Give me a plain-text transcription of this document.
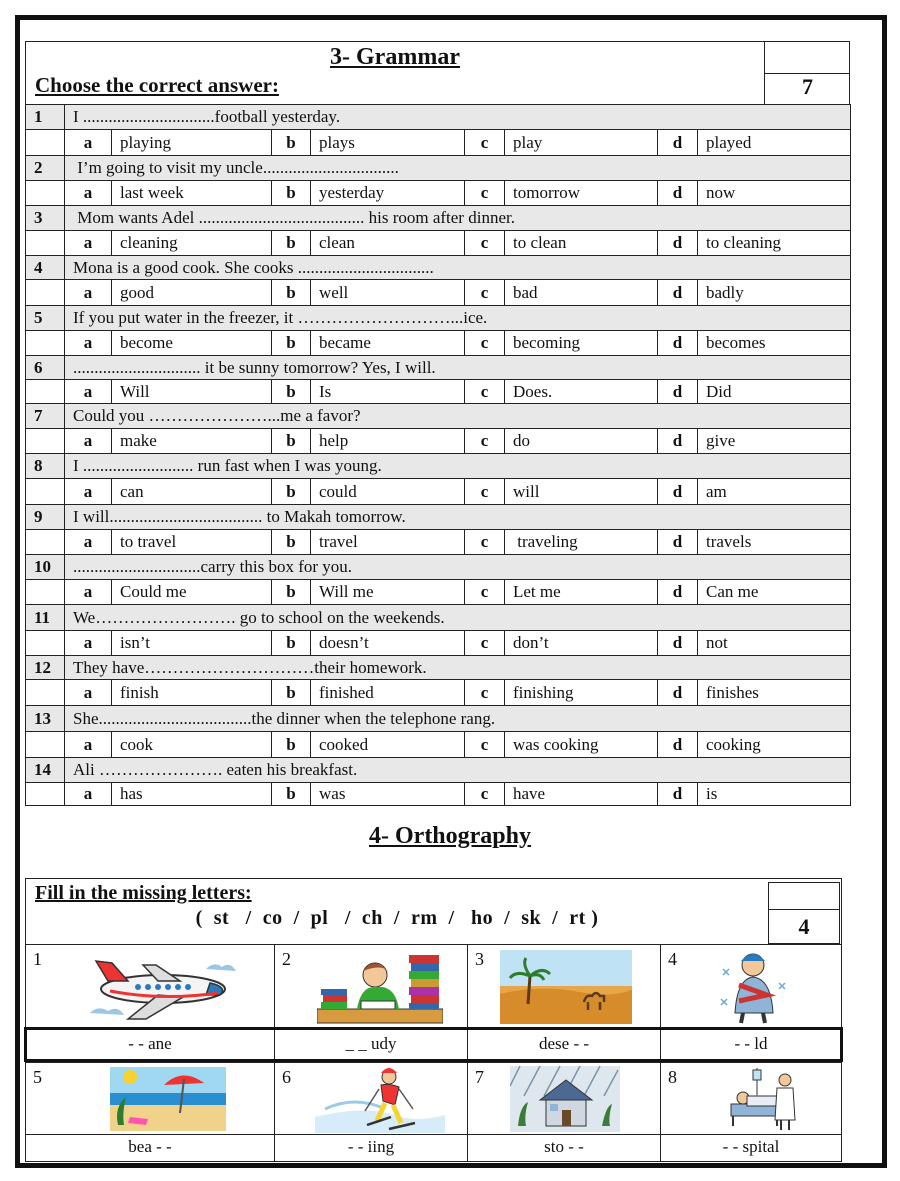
3- Grammar
Choose the correct answer:	7
1	I ...............................football yesterday.							
	a	playing	b	plays	c	play	d	played
2	I’m going to visit my uncle................................							
	a	last week	b	yesterday	c	tomorrow	d	now
3	Mom wants Adel ....................................... his room after dinner.							
	a	cleaning	b	clean	c	to clean	d	to cleaning
4	Mona is a good cook. She cooks ................................							
	a	good	b	well	c	bad	d	badly
5	If you put water in the freezer, it ………………………...ice.							
	a	become	b	became	c	becoming	d	becomes
6	.............................. it be sunny tomorrow? Yes, I will.							
	a	Will	b	Is	c	Does.	d	Did
7	Could you …………………...me a favor?							
	a	make	b	help	c	do	d	give
8	I .......................... run fast when I was young.							
	a	can	b	could	c	will	d	am
9	I will.................................... to Makah tomorrow.							
	a	to travel	b	travel	c	traveling	d	travels
10	..............................carry this box for you.							
	a	Could me	b	Will me	c	Let me	d	Can me
11	We……………………. go to school on the weekends.							
	a	isn’t	b	doesn’t	c	don’t	d	not
12	They have…………………………their homework.							
	a	finish	b	finished	c	finishing	d	finishes
13	She....................................the dinner when the telephone rang.							
	a	cook	b	cooked	c	was cooking	d	cooking
14	Ali …………………. eaten his breakfast.							
	a	has	b	was	c	have	d	is
4- Orthography
Fill in the missing letters:
(  st   /  co  /  pl   /  ch  /  rm  /   ho  /  sk  /  rt )	4
1	2	3	4
- - ane	_ _ udy	dese - -	- - ld
5	6	7	8
bea - -	- - iing	sto - -	- - spital
